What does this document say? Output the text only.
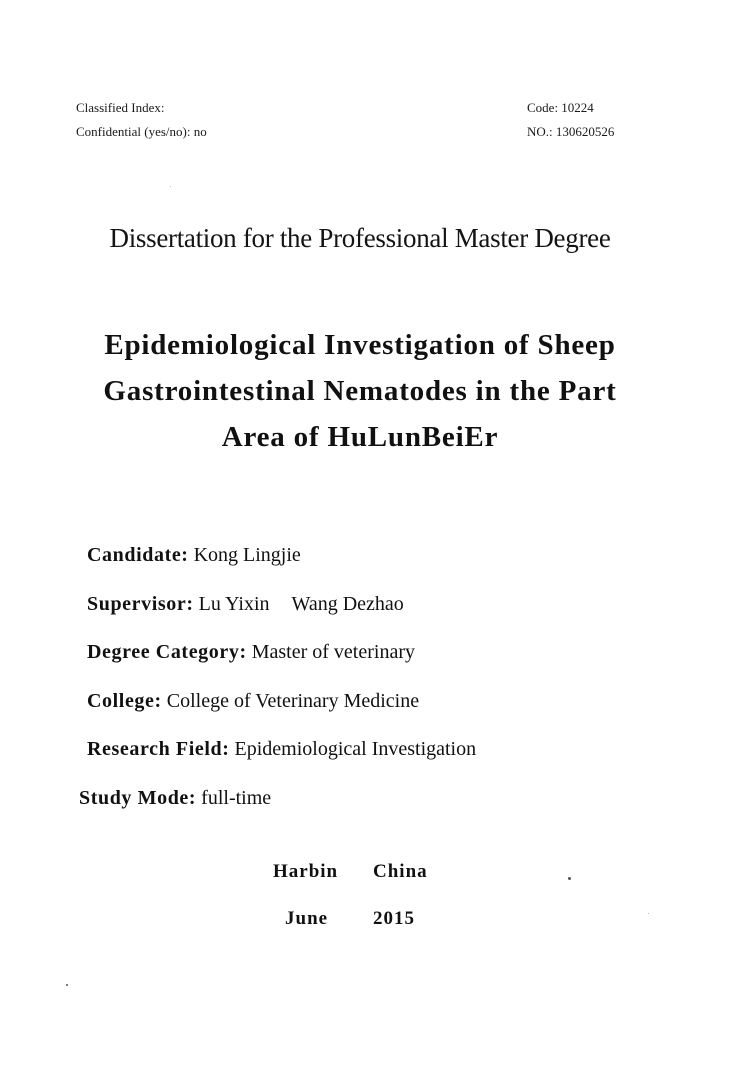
Classified Index:
Confidential (yes/no): no
Code: 10224
NO.: 130620526
Dissertation for the Professional Master Degree
Epidemiological Investigation of Sheep
Gastrointestinal Nematodes in the Part
Area of HuLunBeiEr
Candidate: Kong Lingjie
Supervisor: Lu Yixin Wang Dezhao
Degree Category: Master of veterinary
College: College of Veterinary Medicine
Research Field: Epidemiological Investigation
Study Mode: full-time
Harbin China
June 2015
